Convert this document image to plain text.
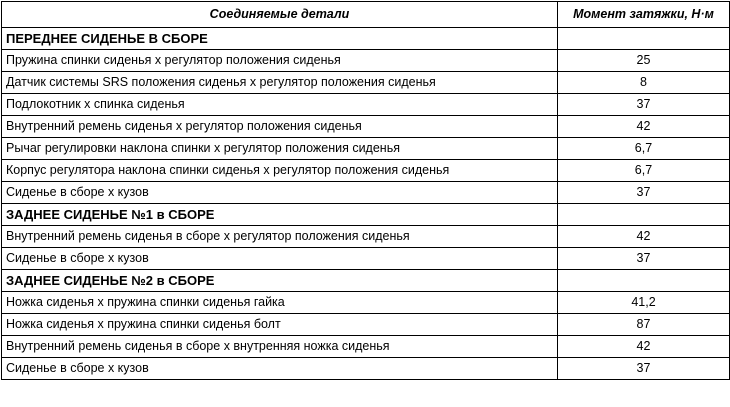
Соединяемые детали	Момент затяжки, Н·м
ПЕРЕДНЕЕ СИДЕНЬЕ В СБОРЕ	
Пружина спинки сиденья х регулятор положения сиденья	25
Датчик системы SRS положения сиденья х регулятор положения сиденья	8
Подлокотник х спинка сиденья	37
Внутренний ремень сиденья х регулятор положения сиденья	42
Рычаг регулировки наклона спинки х регулятор положения сиденья	6,7
Корпус регулятора наклона спинки сиденья х регулятор положения сиденья	6,7
Сиденье в сборе х кузов	37
ЗАДНЕЕ СИДЕНЬЕ №1 в СБОРЕ	
Внутренний ремень сиденья в сборе х регулятор положения сиденья	42
Сиденье в сборе х кузов	37
ЗАДНЕЕ СИДЕНЬЕ №2 в СБОРЕ	
Ножка сиденья х пружина спинки сиденья гайка	41,2
Ножка сиденья х пружина спинки сиденья болт	87
Внутренний ремень сиденья в сборе х внутренняя ножка сиденья	42
Сиденье в сборе х кузов	37
